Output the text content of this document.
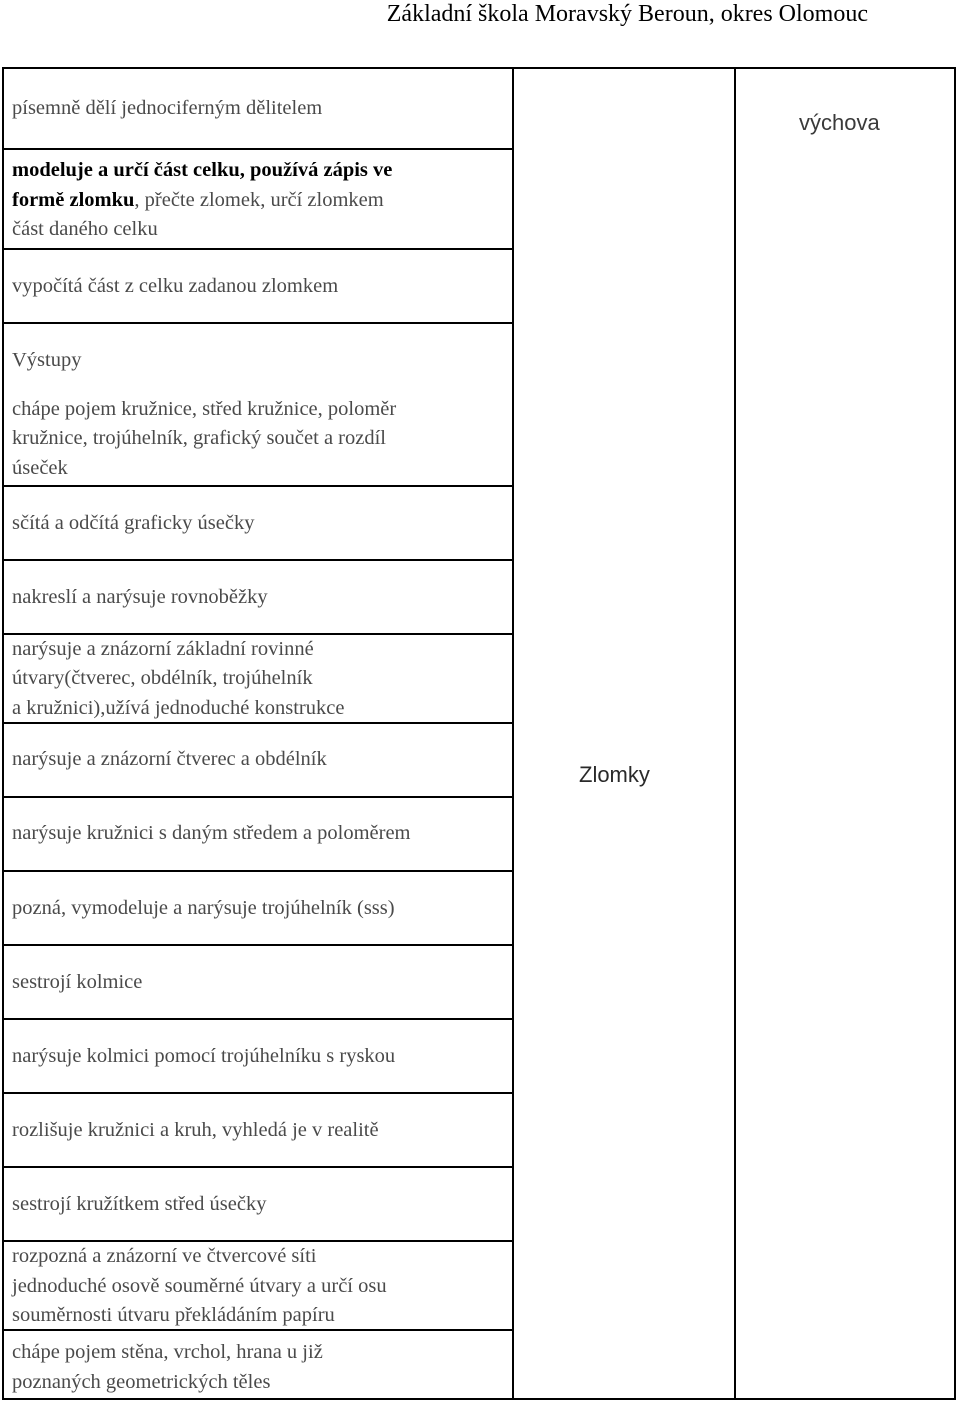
Základní škola Moravský Beroun, okres Olomouc
písemně dělí jednociferným dělitelem
modeluje a určí část celku, používá zápis ve
formě zlomku, přečte zlomek, určí zlomkem
část daného celku
vypočítá část z celku zadanou zlomkem
Výstupy
chápe pojem kružnice, střed kružnice, poloměr
kružnice, trojúhelník, grafický součet a rozdíl
úseček
sčítá a odčítá graficky úsečky
nakreslí a narýsuje rovnoběžky
narýsuje a znázorní základní rovinné
útvary(čtverec, obdélník, trojúhelník
a kružnici),užívá jednoduché konstrukce
narýsuje a znázorní čtverec a obdélník
narýsuje kružnici s daným středem a poloměrem
pozná, vymodeluje a narýsuje trojúhelník (sss)
sestrojí kolmice
narýsuje kolmici pomocí trojúhelníku s ryskou
rozlišuje kružnici a kruh, vyhledá je v realitě
sestrojí kružítkem střed úsečky
rozpozná a znázorní ve čtvercové síti
jednoduché osově souměrné útvary a určí osu
souměrnosti útvaru překládáním papíru
chápe pojem stěna, vrchol, hrana u již
poznaných geometrických těles
výchova
Zlomky
